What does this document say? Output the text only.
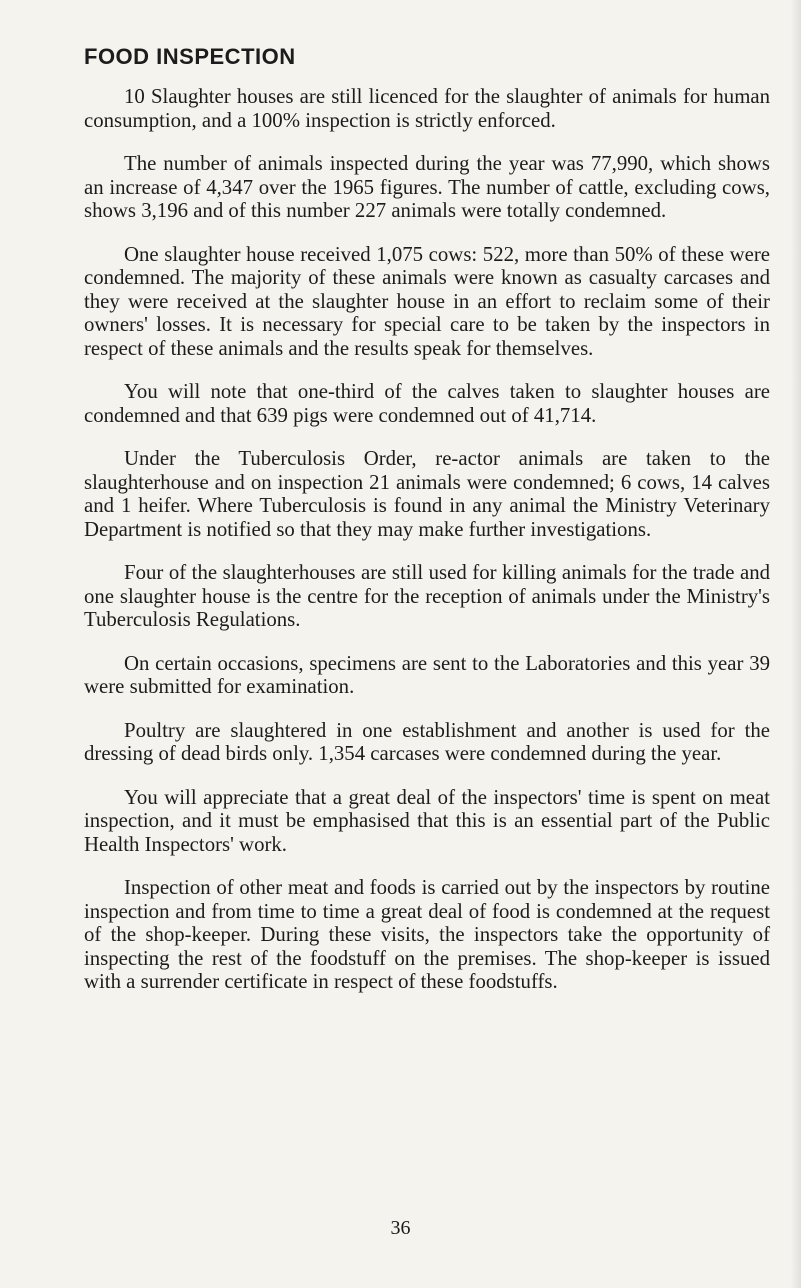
FOOD INSPECTION

10 Slaughter houses are still licenced for the slaughter of animals for human consumption, and a 100% inspection is strictly enforced.

The number of animals inspected during the year was 77,990, which shows an increase of 4,347 over the 1965 figures. The number of cattle, excluding cows, shows 3,196 and of this number 227 animals were totally condemned.

One slaughter house received 1,075 cows: 522, more than 50% of these were condemned. The majority of these animals were known as casualty carcases and they were received at the slaughter house in an effort to reclaim some of their owners' losses. It is necessary for special care to be taken by the inspectors in respect of these animals and the results speak for themselves.

You will note that one-third of the calves taken to slaughter houses are condemned and that 639 pigs were condemned out of 41,714.

Under the Tuberculosis Order, re-actor animals are taken to the slaughterhouse and on inspection 21 animals were condemned; 6 cows, 14 calves and 1 heifer. Where Tuberculosis is found in any animal the Ministry Veterinary Department is notified so that they may make further investigations.

Four of the slaughterhouses are still used for killing animals for the trade and one slaughter house is the centre for the reception of animals under the Ministry's Tuberculosis Regulations.

On certain occasions, specimens are sent to the Laboratories and this year 39 were submitted for examination.

Poultry are slaughtered in one establishment and another is used for the dressing of dead birds only. 1,354 carcases were condemned during the year.

You will appreciate that a great deal of the inspectors' time is spent on meat inspection, and it must be emphasised that this is an essential part of the Public Health Inspectors' work.

Inspection of other meat and foods is carried out by the inspectors by routine inspection and from time to time a great deal of food is condemned at the request of the shop-keeper. During these visits, the inspectors take the opportunity of inspecting the rest of the foodstuff on the premises. The shop-keeper is issued with a surrender certificate in respect of these foodstuffs.

36
